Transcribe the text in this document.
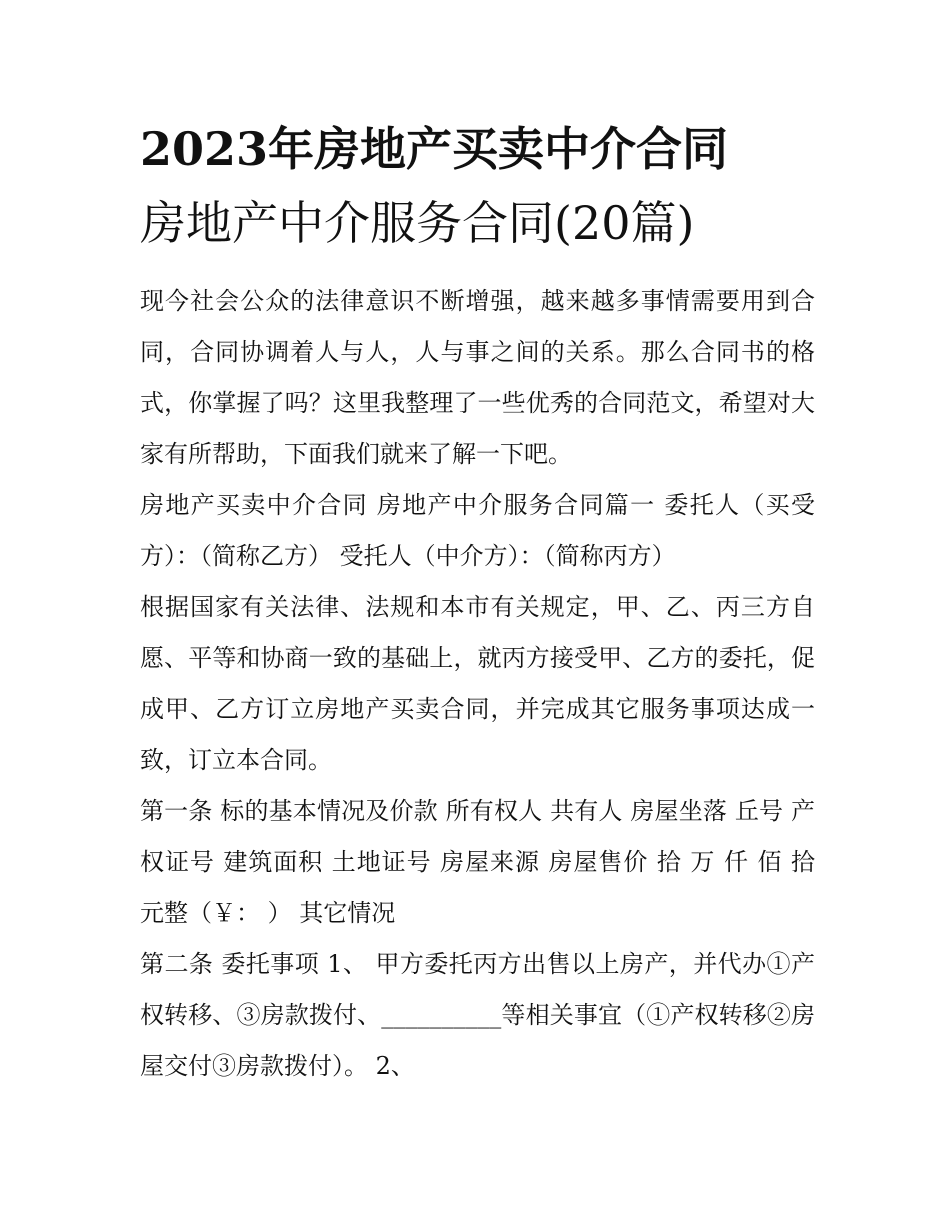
2023年房地产买卖中介合同
房地产中介服务合同(20篇)

现今社会公众的法律意识不断增强，越来越多事情需要用到合同，合同协调着人与人，人与事之间的关系。那么合同书的格式，你掌握了吗？这里我整理了一些优秀的合同范文，希望对大家有所帮助，下面我们就来了解一下吧。

房地产买卖中介合同 房地产中介服务合同篇一 委托人（买受方）：（简称乙方） 受托人（中介方）：（简称丙方）

根据国家有关法律、法规和本市有关规定，甲、乙、丙三方自愿、平等和协商一致的基础上，就丙方接受甲、乙方的委托，促成甲、乙方订立房地产买卖合同，并完成其它服务事项达成一致，订立本合同。

第一条 标的基本情况及价款 所有权人 共有人 房屋坐落 丘号 产权证号 建筑面积 土地证号 房屋来源 房屋售价 拾 万 仟 佰 拾 元整（￥： ） 其它情况

第二条 委托事项 1、 甲方委托丙方出售以上房产，并代办①产权转移、③房款拨付、__________等相关事宜（①产权转移②房屋交付③房款拨付）。 2、
